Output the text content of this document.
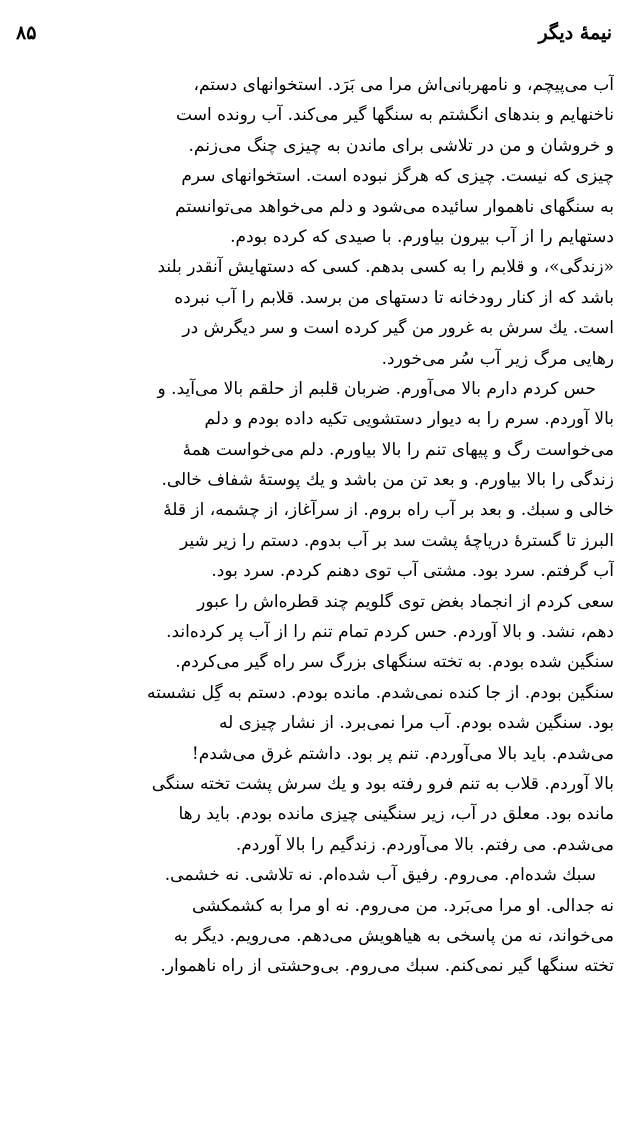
۸۵	نیمهٔ دیگر
آب می‌پیچم، و نامهربانی‌اش مرا می بَرَد. استخوانهای دستم،
ناخنهایم و بندهای انگشتم به سنگها گیر می‌کند. آب رونده است
و خروشان و من در تلاشی برای ماندن به چیزی چنگ می‌زنم.
چیزی که نیست. چیزی که هرگز نبوده است. استخوانهای سرم
به سنگهای ناهموار سائیده می‌شود و دلم می‌خواهد می‌توانستم
دستهایم را از آب بیرون بیاورم. با صیدی که کرده بودم.
«زندگی»، و قلابم را به کسی بدهم. کسی که دستهایش آنقدر بلند
باشد که از کنار رودخانه تا دستهای من برسد. قلابم را آب نبرده
است. یك سرش به غرور من گیر کرده است و سر دیگرش در
رهایی مرگ زیر آب سُر می‌خورد.
حس کردم دارم بالا می‌آورم. ضربان قلبم از حلقم بالا می‌آید. و
بالا آوردم. سرم را به دیوار دستشویی تکیه داده بودم و دلم
می‌خواست رگ و پیهای تنم را بالا بیاورم. دلم می‌خواست همهٔ
زندگی را بالا بیاورم. و بعد تن من باشد و یك پوستهٔ شفاف خالی.
خالی و سبك. و بعد بر آب راه بروم. از سرآغاز، از چشمه، از قلهٔ
البرز تا گسترهٔ دریاچهٔ پشت سد بر آب بدوم. دستم را زیر شیر
آب گرفتم. سرد بود. مشتی آب توی دهنم کردم. سرد بود.
سعی کردم از انجماد بغض توی گلویم چند قطره‌اش را عبور
دهم، نشد. و بالا آوردم. حس کردم تمام تنم را از آب پر کرده‌اند.
سنگین شده بودم. به تخته سنگهای بزرگ سر راه گیر می‌کردم.
سنگین بودم. از جا کنده نمی‌شدم. مانده بودم. دستم به گِل نشسته
بود. سنگین شده بودم. آب مرا نمی‌برد. از نشار چیزی له
می‌شدم. باید بالا می‌آوردم. تنم پر بود. داشتم غرق می‌شدم!
بالا آوردم. قلاب به تنم فرو رفته بود و یك سرش پشت تخته سنگی
مانده بود. معلق در آب، زیر سنگینی چیزی مانده بودم. باید رها
می‌شدم. می رفتم. بالا می‌آوردم. زندگیم را بالا آوردم.
سبك شده‌ام. می‌روم. رفیق آب شده‌ام. نه تلاشی. نه خشمی.
نه جدالی. او مرا می‌بَرد. من می‌روم. نه او مرا به کشمکشی
می‌خواند، نه من پاسخی به هیاهویش می‌دهم. می‌رویم. دیگر به
تخته سنگها گیر نمی‌کنم. سبك می‌روم. بی‌وحشتی از راه ناهموار.
